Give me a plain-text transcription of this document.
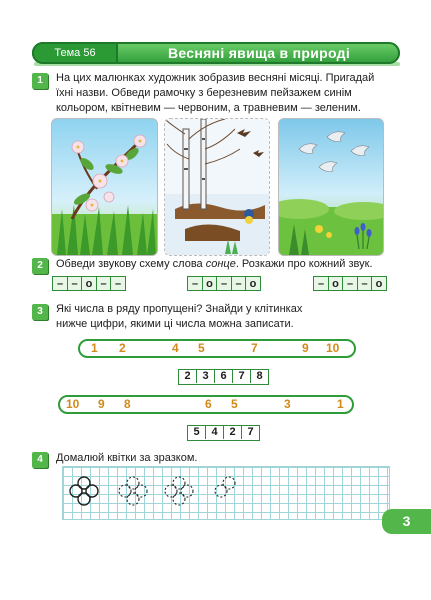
Тема 56	Весняні явища в природі
1	На цих малюнках художник зобразив весняні місяці. Пригадай їхні назви. Обведи рамочку з березневим пейзажем синім кольором, квітневим — червоним, а травневим — зеленим.
2	Обведи звукову схему слова сонце. Розкажи про кожний звук.
– – о – –	– о – – о	– о – – о
3	Які числа в ряду пропущені? Знайди у клітинках нижче цифри, якими ці числа можна записати.
1 2	4 5	7	9 10
2	3	6	7	8
10 9 8	6 5	3	1
5	4	2	7
4	Домалюй квітки за зразком.
3
